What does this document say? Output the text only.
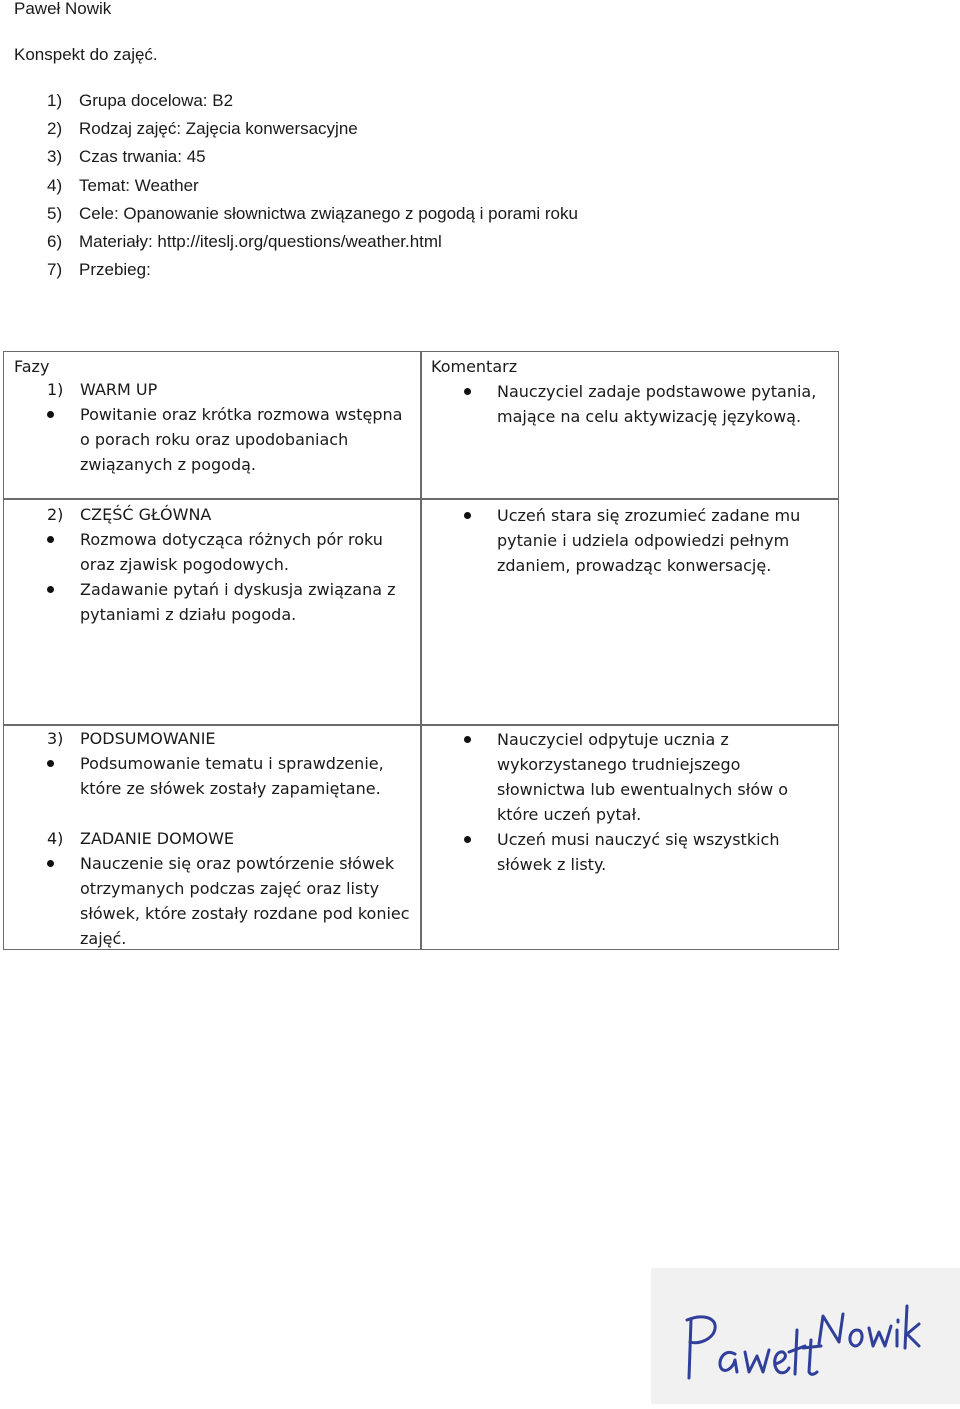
Paweł Nowik
Konspekt do zajęć.
1) Grupa docelowa: B2
2) Rodzaj zajęć: Zajęcia konwersacyjne
3) Czas trwania: 45
4) Temat: Weather
5) Cele: Opanowanie słownictwa związanego z pogodą i porami roku
6) Materiały: http://iteslj.org/questions/weather.html
7) Przebieg:
Fazy
1) WARM UP
Powitanie oraz krótka rozmowa wstępna o porach roku oraz upodobaniach związanych z pogodą.
Komentarz
Nauczyciel zadaje podstawowe pytania, mające na celu aktywizację językową.
2) CZĘŚĆ GŁÓWNA
Rozmowa dotycząca różnych pór roku oraz zjawisk pogodowych.
Zadawanie pytań i dyskusja związana z pytaniami z działu pogoda.
Uczeń stara się zrozumieć zadane mu pytanie i udziela odpowiedzi pełnym zdaniem, prowadząc konwersację.
3) PODSUMOWANIE
Podsumowanie tematu i sprawdzenie, które ze słówek zostały zapamiętane.
4) ZADANIE DOMOWE
Nauczenie się oraz powtórzenie słówek otrzymanych podczas zajęć oraz listy słówek, które zostały rozdane pod koniec zajęć.
Nauczyciel odpytuje ucznia z wykorzystanego trudniejszego słownictwa lub ewentualnych słów o które uczeń pytał.
Uczeń musi nauczyć się wszystkich słówek z listy.
